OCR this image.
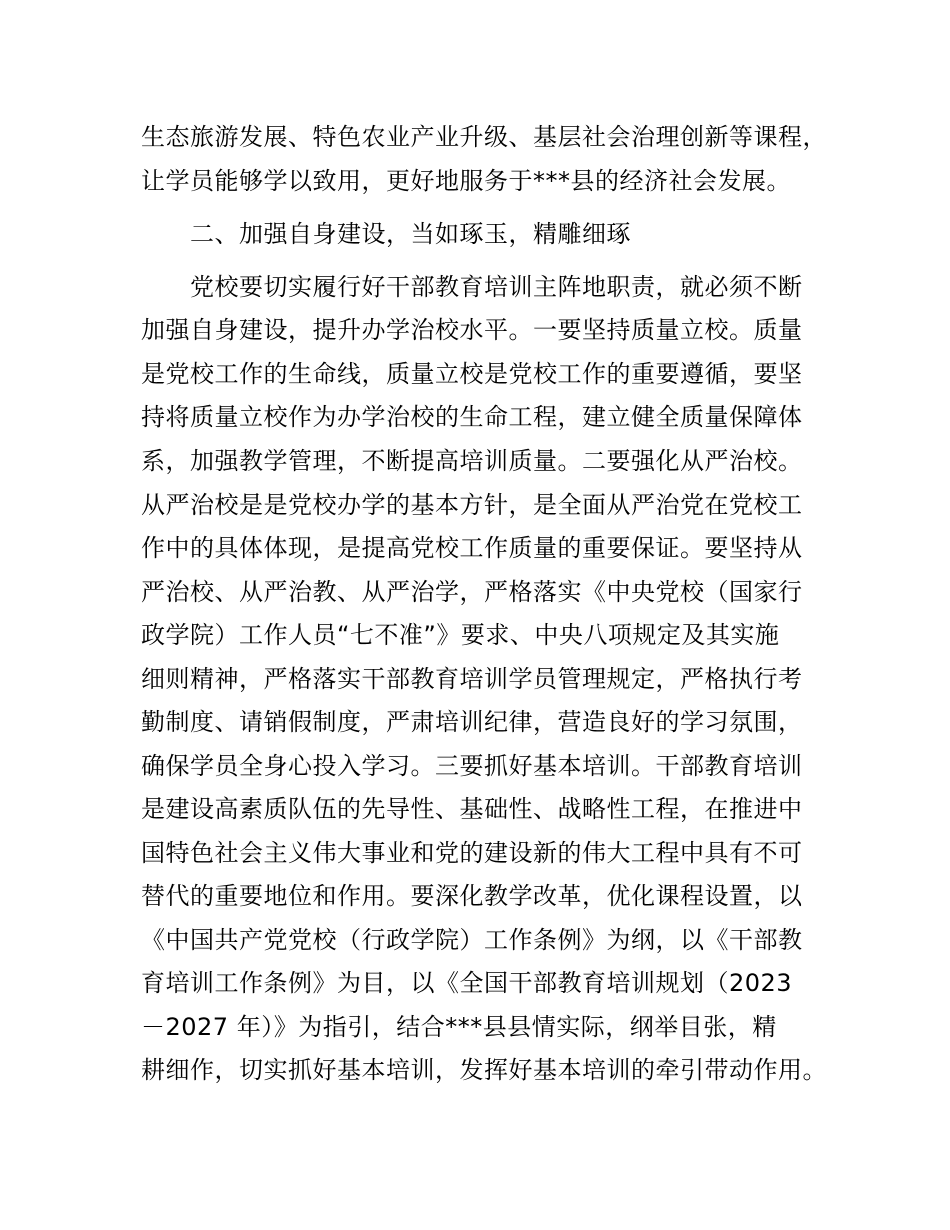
生态旅游发展、特色农业产业升级、基层社会治理创新等课程，
让学员能够学以致用，更好地服务于***县的经济社会发展。
二、加强自身建设，当如琢玉，精雕细琢
党校要切实履行好干部教育培训主阵地职责，就必须不断
加强自身建设，提升办学治校水平。一要坚持质量立校。质量
是党校工作的生命线，质量立校是党校工作的重要遵循，要坚
持将质量立校作为办学治校的生命工程，建立健全质量保障体
系，加强教学管理，不断提高培训质量。二要强化从严治校。
从严治校是是党校办学的基本方针，是全面从严治党在党校工
作中的具体体现，是提高党校工作质量的重要保证。要坚持从
严治校、从严治教、从严治学，严格落实《中央党校（国家行
政学院）工作人员“七不准”》要求、中央八项规定及其实施
细则精神，严格落实干部教育培训学员管理规定，严格执行考
勤制度、请销假制度，严肃培训纪律，营造良好的学习氛围，
确保学员全身心投入学习。三要抓好基本培训。干部教育培训
是建设高素质队伍的先导性、基础性、战略性工程，在推进中
国特色社会主义伟大事业和党的建设新的伟大工程中具有不可
替代的重要地位和作用。要深化教学改革，优化课程设置，以
《中国共产党党校（行政学院）工作条例》为纲，以《干部教
育培训工作条例》为目，以《全国干部教育培训规划（2023
－2027 年）》为指引，结合***县县情实际，纲举目张，精
耕细作，切实抓好基本培训，发挥好基本培训的牵引带动作用。
